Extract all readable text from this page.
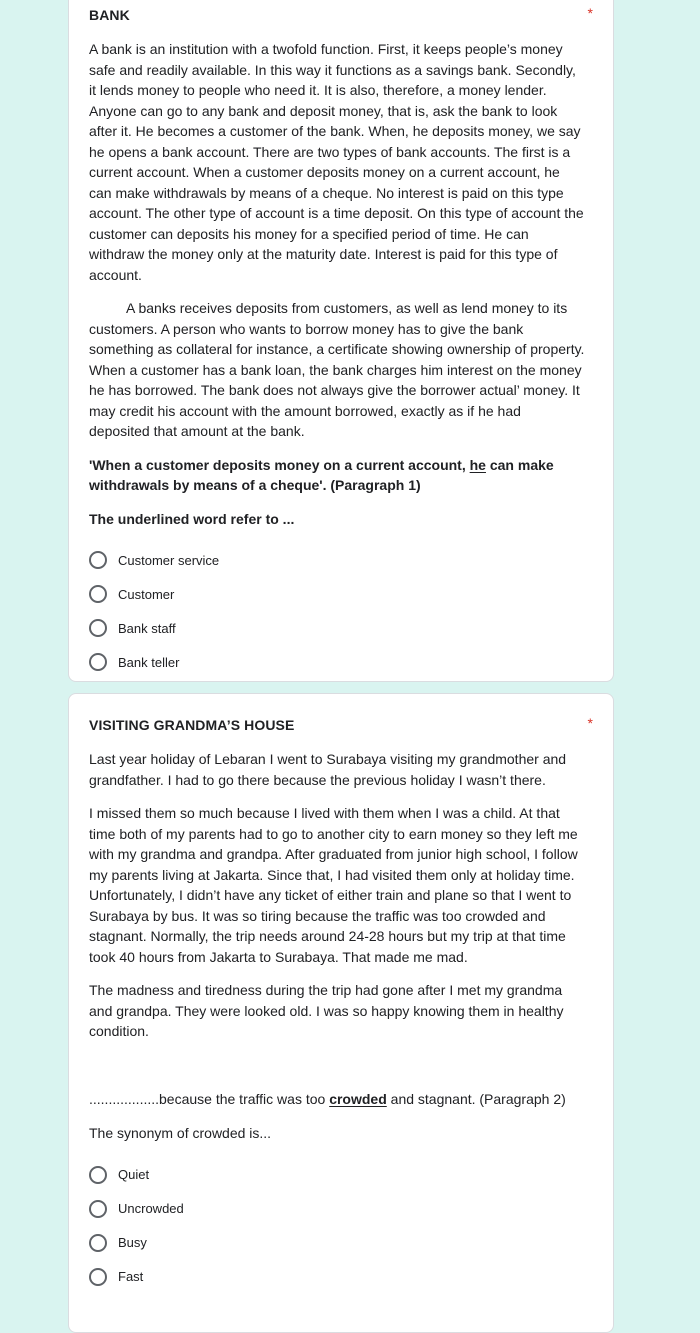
BANK	*

A bank is an institution with a twofold function. First, it keeps people’s money safe and readily available. In this way it functions as a savings bank. Secondly, it lends money to people who need it. It is also, therefore, a money lender. Anyone can go to any bank and deposit money, that is, ask the bank to look after it. He becomes a customer of the bank. When, he deposits money, we say he opens a bank account. There are two types of bank accounts. The first is a current account. When a customer deposits money on a current account, he can make withdrawals by means of a cheque. No interest is paid on this type account. The other type of account is a time deposit. On this type of account the customer can deposits his money for a specified period of time. He can withdraw the money only at the maturity date. Interest is paid for this type of account.

A banks receives deposits from customers, as well as lend money to its customers. A person who wants to borrow money has to give the bank something as collateral for instance, a certificate showing ownership of property. When a customer has a bank loan, the bank charges him interest on the money he has borrowed. The bank does not always give the borrower actual’ money. It may credit his account with the amount borrowed, exactly as if he had deposited that amount at the bank.

'When a customer deposits money on a current account, he can make withdrawals by means of a cheque'. (Paragraph 1)

The underlined word refer to ...

Customer service
Customer
Bank staff
Bank teller
VISITING GRANDMA’S HOUSE	*

Last year holiday of Lebaran I went to Surabaya visiting my grandmother and grandfather. I had to go there because the previous holiday I wasn’t there.

I missed them so much because I lived with them when I was a child. At that time both of my parents had to go to another city to earn money so they left me with my grandma and grandpa. After graduated from junior high school, I follow my parents living at Jakarta. Since that, I had visited them only at holiday time. Unfortunately, I didn’t have any ticket of either train and plane so that I went to Surabaya by bus. It was so tiring because the traffic was too crowded and stagnant. Normally, the trip needs around 24-28 hours but my trip at that time took 40 hours from Jakarta to Surabaya. That made me mad.

The madness and tiredness during the trip had gone after I met my grandma and grandpa. They were looked old. I was so happy knowing them in healthy condition.

..................because the traffic was too crowded and stagnant. (Paragraph 2)

The synonym of crowded is...

Quiet
Uncrowded
Busy
Fast
